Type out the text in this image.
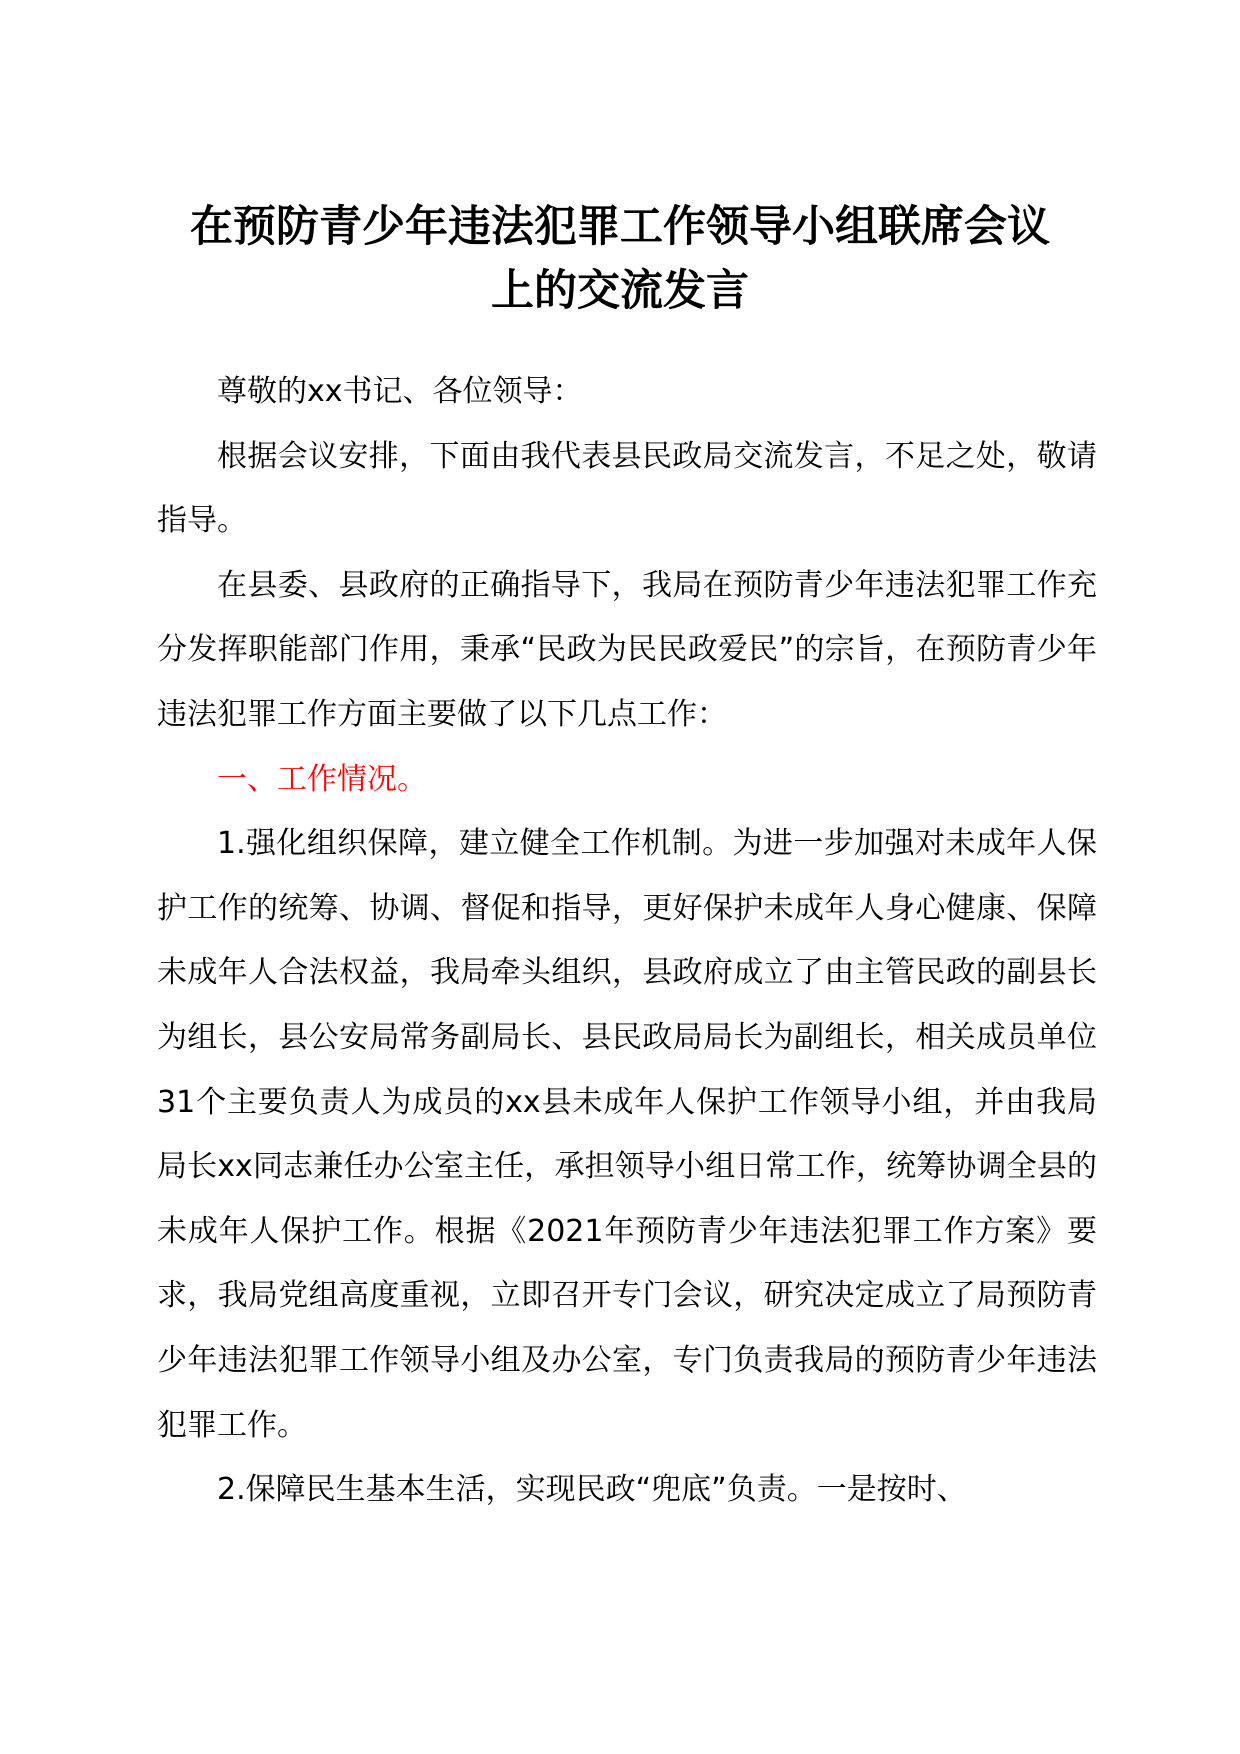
在预防青少年违法犯罪工作领导小组联席会议
上的交流发言

尊敬的xx书记、各位领导：

根据会议安排，下面由我代表县民政局交流发言，不足之处，敬请指导。

在县委、县政府的正确指导下，我局在预防青少年违法犯罪工作充分发挥职能部门作用，秉承“民政为民民政爱民”的宗旨，在预防青少年违法犯罪工作方面主要做了以下几点工作：

一、工作情况。

1.强化组织保障，建立健全工作机制。为进一步加强对未成年人保护工作的统筹、协调、督促和指导，更好保护未成年人身心健康、保障未成年人合法权益，我局牵头组织，县政府成立了由主管民政的副县长为组长，县公安局常务副局长、县民政局局长为副组长，相关成员单位31个主要负责人为成员的xx县未成年人保护工作领导小组，并由我局局长xx同志兼任办公室主任，承担领导小组日常工作，统筹协调全县的未成年人保护工作。根据《2021年预防青少年违法犯罪工作方案》要求，我局党组高度重视，立即召开专门会议，研究决定成立了局预防青少年违法犯罪工作领导小组及办公室，专门负责我局的预防青少年违法犯罪工作。

2.保障民生基本生活，实现民政“兜底”负责。一是按时、
